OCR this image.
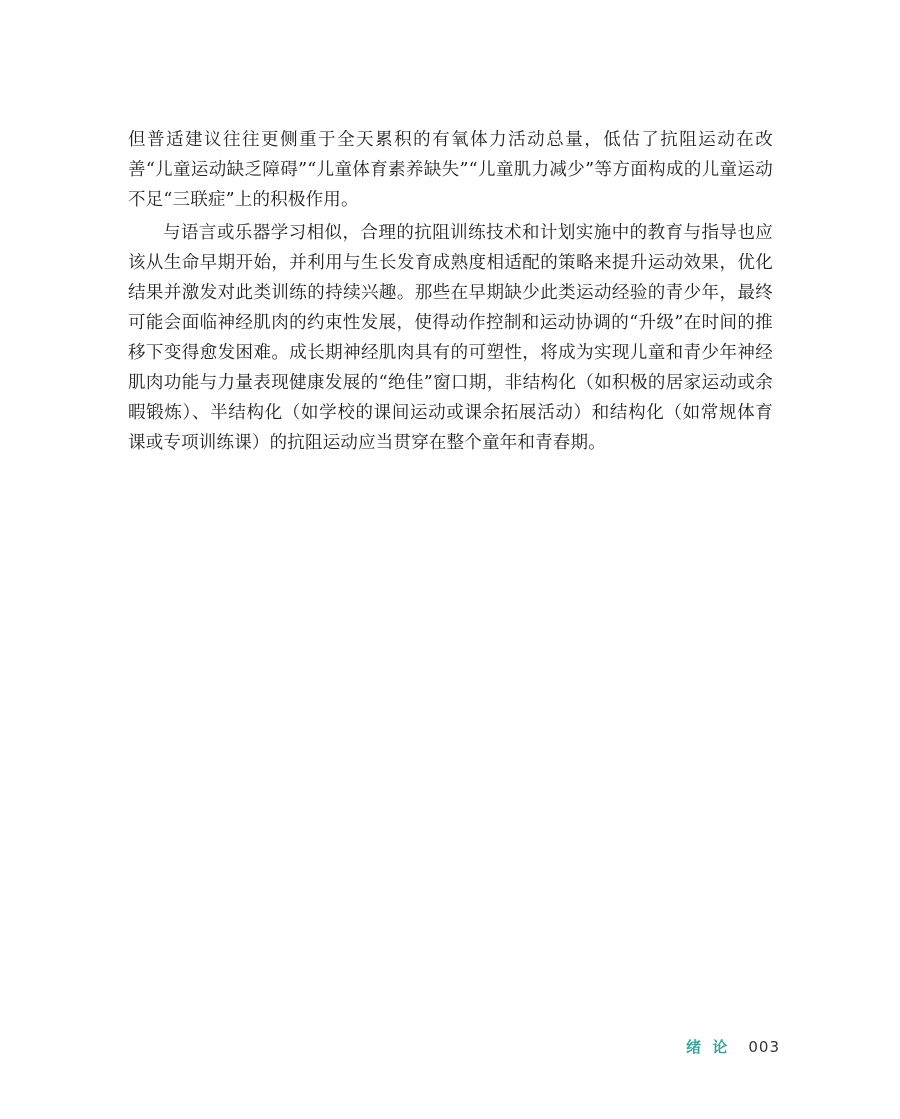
但普适建议往往更侧重于全天累积的有氧体力活动总量，低估了抗阻运动在改善“儿童运动缺乏障碍”“儿童体育素养缺失”“儿童肌力减少”等方面构成的儿童运动不足“三联症”上的积极作用。

与语言或乐器学习相似，合理的抗阻训练技术和计划实施中的教育与指导也应该从生命早期开始，并利用与生长发育成熟度相适配的策略来提升运动效果，优化结果并激发对此类训练的持续兴趣。那些在早期缺少此类运动经验的青少年，最终可能会面临神经肌肉的约束性发展，使得动作控制和运动协调的“升级”在时间的推移下变得愈发困难。成长期神经肌肉具有的可塑性，将成为实现儿童和青少年神经肌肉功能与力量表现健康发展的“绝佳”窗口期，非结构化（如积极的居家运动或余暇锻炼）、半结构化（如学校的课间运动或课余拓展活动）和结构化（如常规体育课或专项训练课）的抗阻运动应当贯穿在整个童年和青春期。

绪 论 003
